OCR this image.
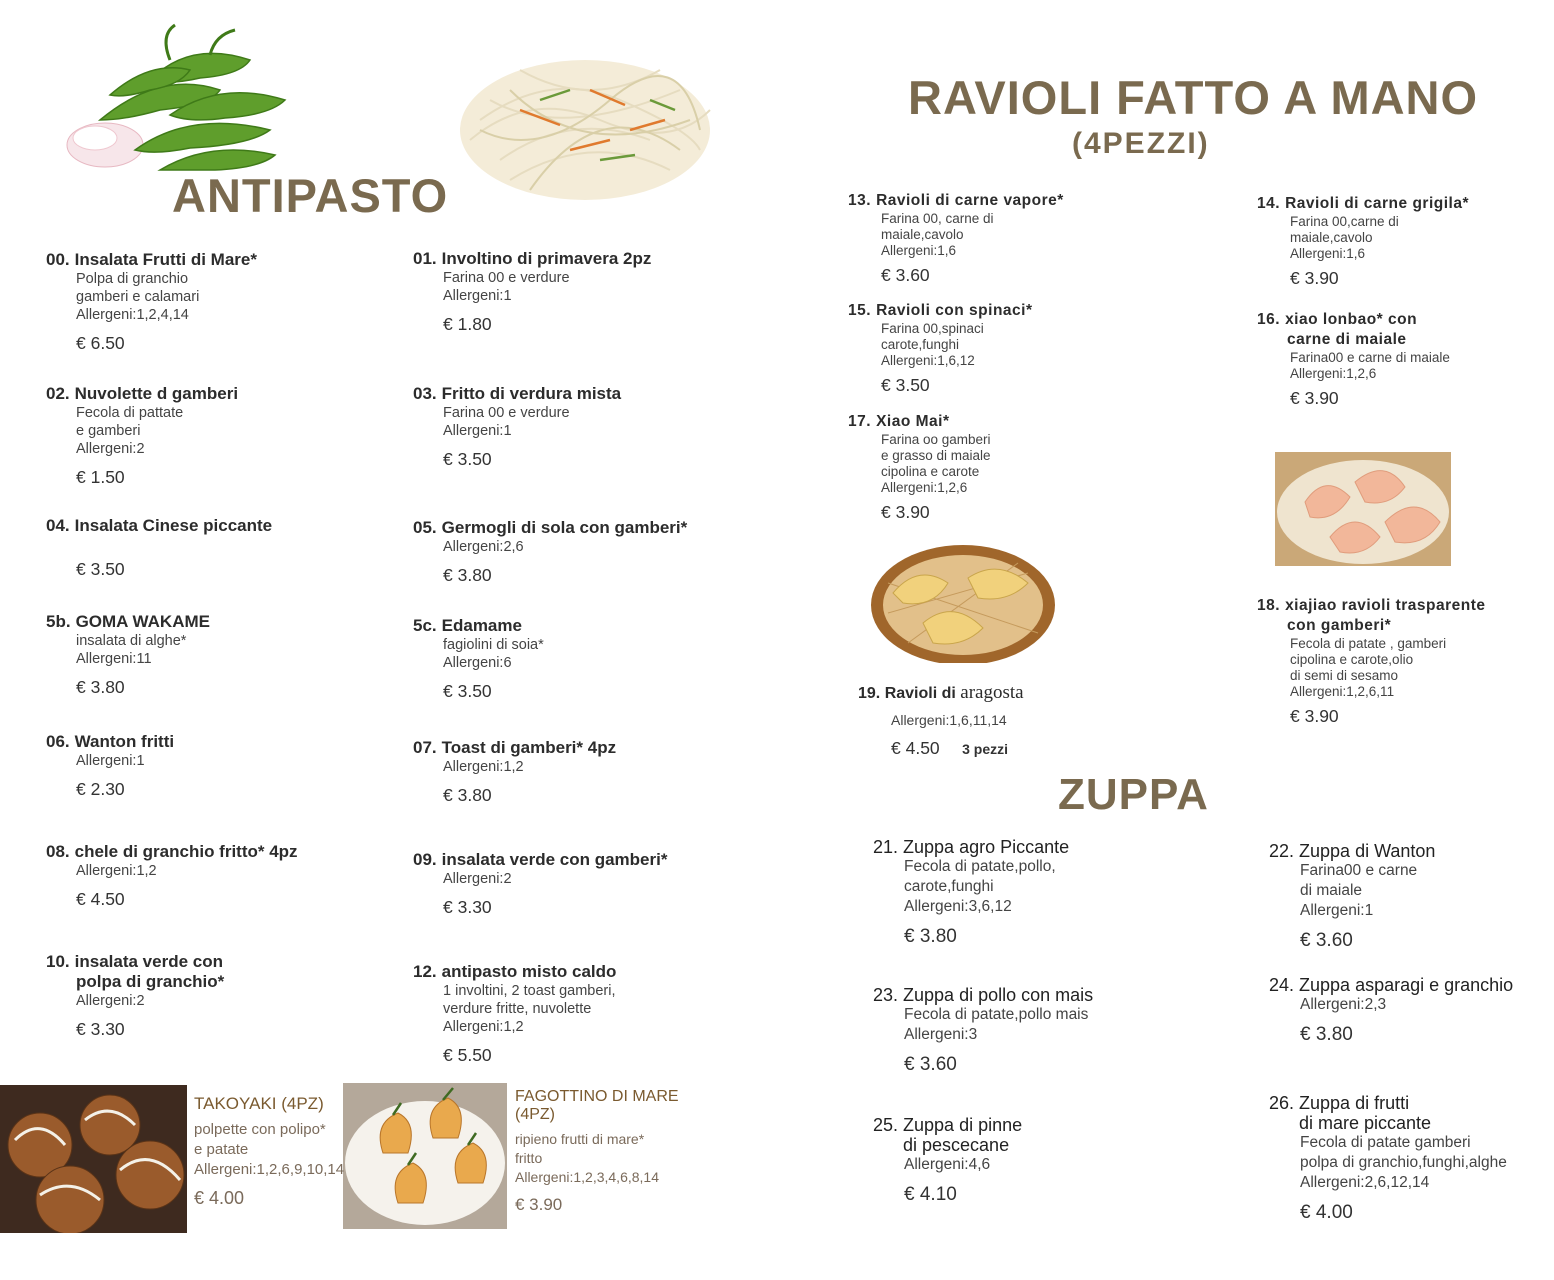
ANTIPASTO
RAVIOLI FATTO A MANO
(4PEZZI)
ZUPPA
00. Insalata Frutti di Mare*
Polpa di granchio
gamberi e calamari
Allergeni:1,2,4,14
€ 6.50
02. Nuvolette d gamberi
Fecola di pattate
e gamberi
Allergeni:2
€ 1.50
04. Insalata Cinese piccante
€ 3.50
5b. GOMA WAKAME
insalata di alghe*
Allergeni:11
€ 3.80
06. Wanton fritti
Allergeni:1
€ 2.30
08. chele di granchio fritto* 4pz
Allergeni:1,2
€ 4.50
10. insalata verde con
polpa di granchio*
Allergeni:2
€ 3.30
01. Involtino di primavera 2pz
Farina 00 e verdure
Allergeni:1
€ 1.80
03. Fritto di verdura mista
Farina 00 e verdure
Allergeni:1
€ 3.50
05. Germogli di sola con gamberi*
Allergeni:2,6
€ 3.80
5c. Edamame
fagiolini di soia*
Allergeni:6
€ 3.50
07. Toast di gamberi* 4pz
Allergeni:1,2
€ 3.80
09. insalata verde con gamberi*
Allergeni:2
€ 3.30
12. antipasto misto caldo
1 involtini, 2 toast gamberi,
verdure fritte, nuvolette
Allergeni:1,2
€ 5.50
13. Ravioli di carne vapore*
Farina 00, carne di
maiale,cavolo
Allergeni:1,6
€ 3.60
15. Ravioli con spinaci*
Farina 00,spinaci
carote,funghi
Allergeni:1,6,12
€ 3.50
17. Xiao Mai*
Farina oo gamberi
e grasso di maiale
cipolina e carote
Allergeni:1,2,6
€ 3.90
14. Ravioli di carne grigila*
Farina 00,carne di
maiale,cavolo
Allergeni:1,6
€ 3.90
16. xiao lonbao* con
carne di maiale
Farina00 e carne di maiale
Allergeni:1,2,6
€ 3.90
18. xiajiao ravioli trasparente
con gamberi*
Fecola di patate , gamberi
cipolina e carote,olio
di semi di sesamo
Allergeni:1,2,6,11
€ 3.90
21. Zuppa agro Piccante
Fecola di patate,pollo,
carote,funghi
Allergeni:3,6,12
€ 3.80
23. Zuppa di pollo con mais
Fecola di patate,pollo mais
Allergeni:3
€ 3.60
25. Zuppa di pinne
di pescecane
Allergeni:4,6
€ 4.10
22. Zuppa di Wanton
Farina00 e carne
di maiale
Allergeni:1
€ 3.60
24. Zuppa asparagi e granchio
Allergeni:2,3
€ 3.80
26. Zuppa di frutti
di mare piccante
Fecola di patate gamberi
polpa di granchio,funghi,alghe
Allergeni:2,6,12,14
€ 4.00
19. Ravioli di aragosta
Allergeni:1,6,11,14
€ 4.50 3 pezzi
TAKOYAKI (4PZ)
polpette con polipo*
e patate
Allergeni:1,2,6,9,10,14
€ 4.00
FAGOTTINO DI MARE
(4PZ)
ripieno frutti di mare*
fritto
Allergeni:1,2,3,4,6,8,14
€ 3.90
